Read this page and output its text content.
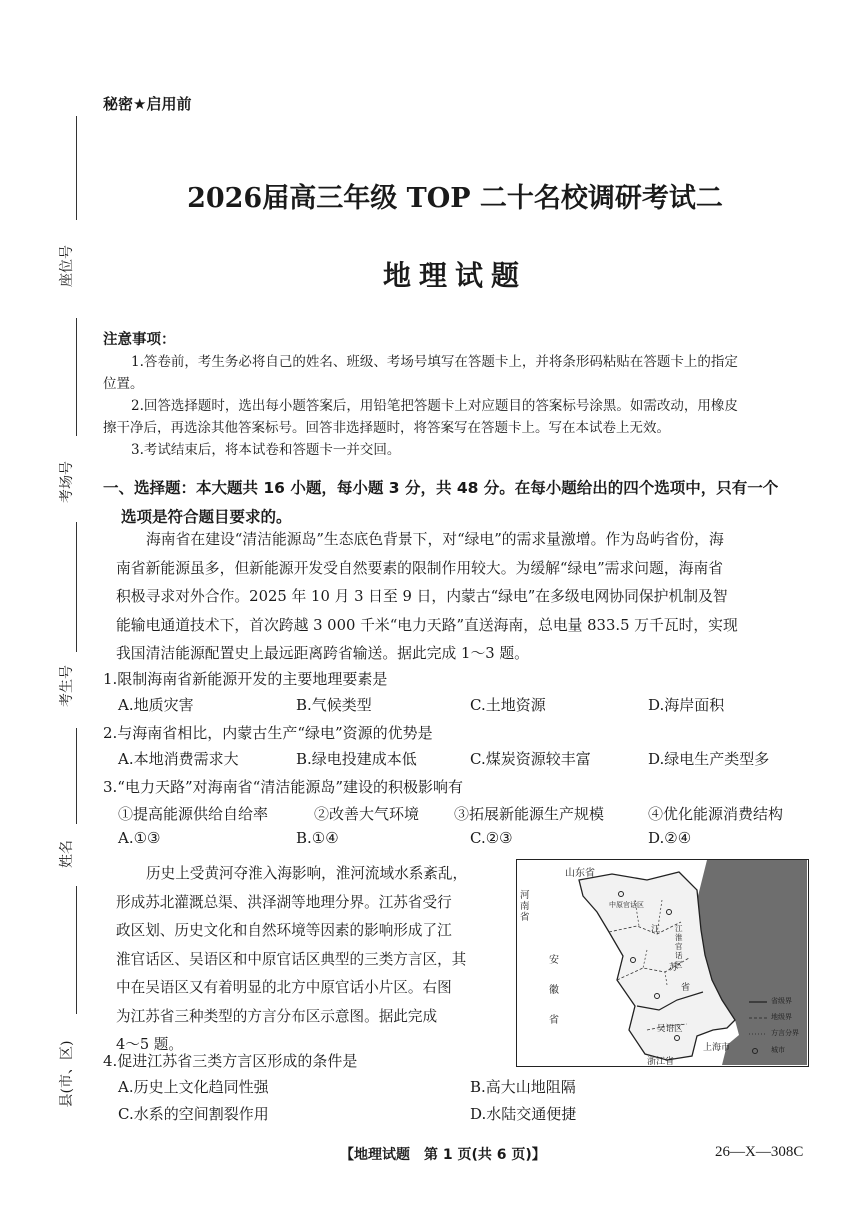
座位号
考场号
考生号
姓名
县(市、区)
秘密★启用前
2026届高三年级 TOP 二十名校调研考试二
地理试题
注意事项：
1.答卷前，考生务必将自己的姓名、班级、考场号填写在答题卡上，并将条形码粘贴在答题卡上的指定
位置。
2.回答选择题时，选出每小题答案后，用铅笔把答题卡上对应题目的答案标号涂黑。如需改动，用橡皮
擦干净后，再选涂其他答案标号。回答非选择题时，将答案写在答题卡上。写在本试卷上无效。
3.考试结束后，将本试卷和答题卡一并交回。
一、选择题：本大题共 16 小题，每小题 3 分，共 48 分。在每小题给出的四个选项中，只有一个
选项是符合题目要求的。
海南省在建设“清洁能源岛”生态底色背景下，对“绿电”的需求量激增。作为岛屿省份，海
南省新能源虽多，但新能源开发受自然要素的限制作用较大。为缓解“绿电”需求问题，海南省
积极寻求对外合作。2025 年 10 月 3 日至 9 日，内蒙古“绿电”在多级电网协同保护机制及智
能输电通道技术下，首次跨越 3 000 千米“电力天路”直送海南，总电量 833.5 万千瓦时，实现
我国清洁能源配置史上最远距离跨省输送。据此完成 1～3 题。
1.限制海南省新能源开发的主要地理要素是
A.地质灾害	B.气候类型	C.土地资源	D.海岸面积
2.与海南省相比，内蒙古生产“绿电”资源的优势是
A.本地消费需求大	B.绿电投建成本低	C.煤炭资源较丰富	D.绿电生产类型多
3.“电力天路”对海南省“清洁能源岛”建设的积极影响有
①提高能源供给自给率	②改善大气环境 ③拓展新能源生产规模	④优化能源消费结构
A.①③	B.①④	C.②③	D.②④
历史上受黄河夺淮入海影响，淮河流域水系紊乱，
形成苏北灌溉总渠、洪泽湖等地理分界。江苏省受行
政区划、历史文化和自然环境等因素的影响形成了江
淮官话区、吴语区和中原官话区典型的三类方言区，其
中在吴语区又有着明显的北方中原官话小片区。右图
为江苏省三种类型的方言分布区示意图。据此完成
4～5 题。
山东省
河南省
安徽省
中原官话区
江淮官话区
江
苏
省
吴语区
上海市
浙江省
省级界
地级界
方言分界
城市
4.促进江苏省三类方言区形成的条件是
A.历史上文化趋同性强	B.高大山地阻隔
C.水系的空间割裂作用	D.水陆交通便捷
【地理试题　第 1 页(共 6 页)】	26—X—308C
